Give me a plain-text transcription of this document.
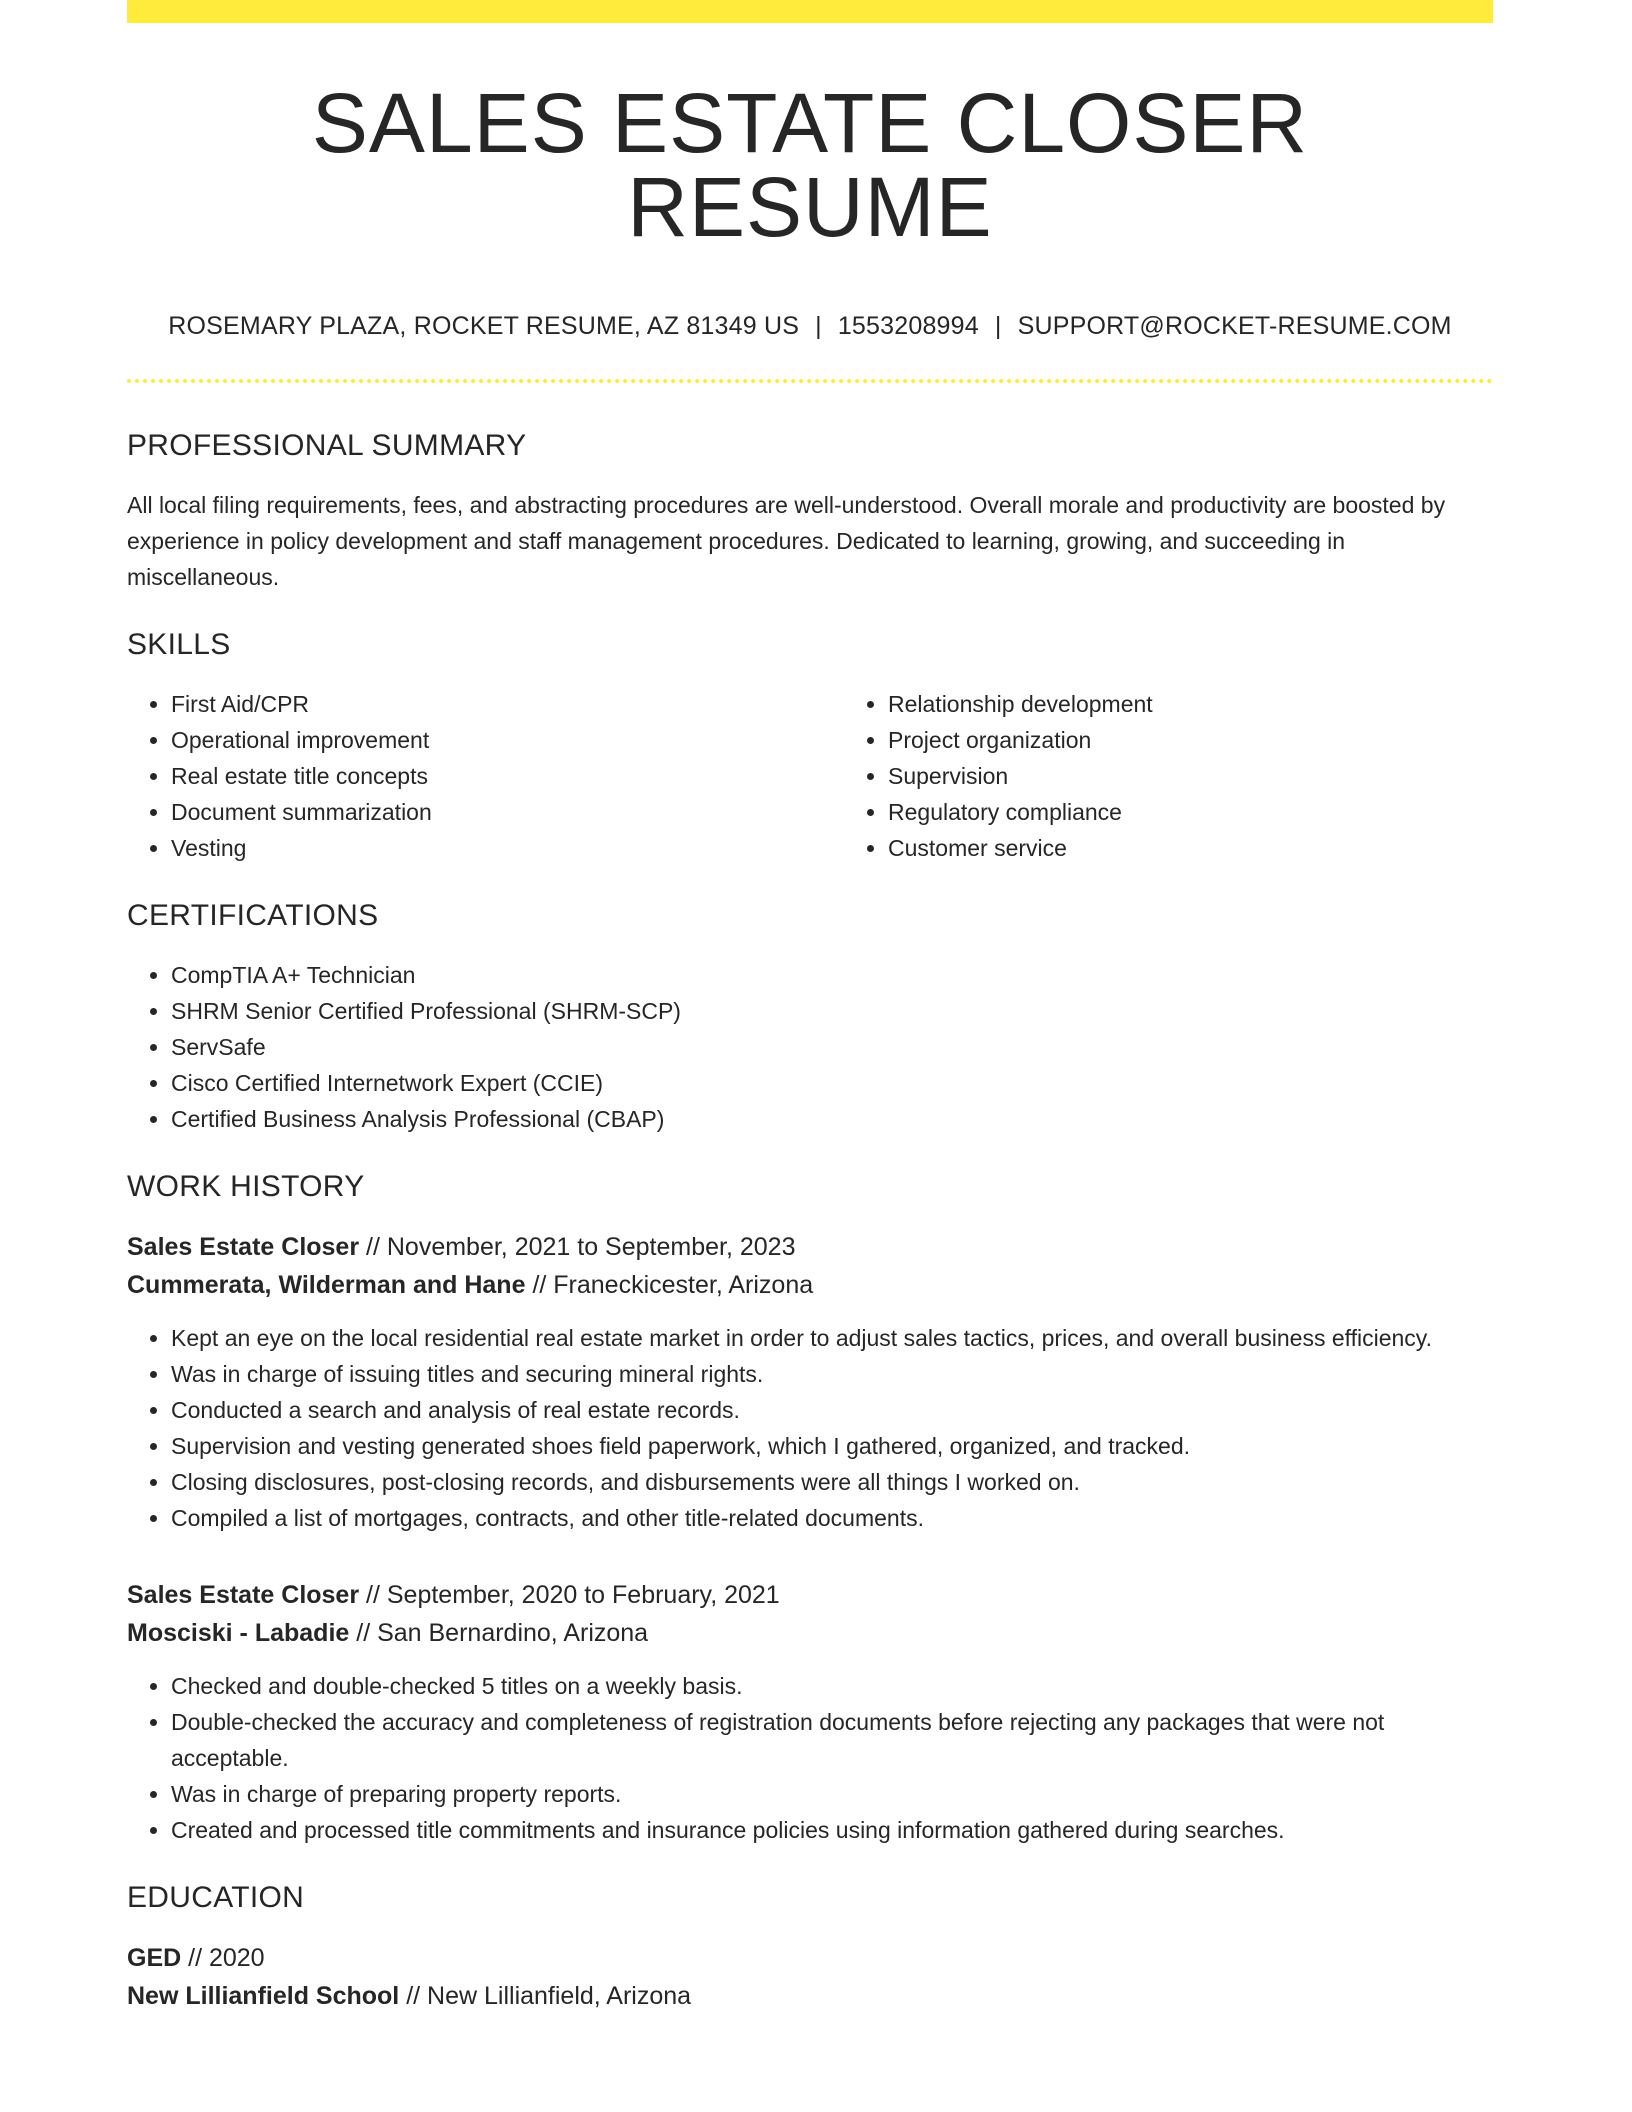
SALES ESTATE CLOSER RESUME
ROSEMARY PLAZA, ROCKET RESUME, AZ 81349 US | 1553208994 | SUPPORT@ROCKET-RESUME.COM
PROFESSIONAL SUMMARY

All local filing requirements, fees, and abstracting procedures are well-understood. Overall morale and productivity are boosted by experience in policy development and staff management procedures. Dedicated to learning, growing, and succeeding in miscellaneous.

SKILLS
• First Aid/CPR
• Operational improvement
• Real estate title concepts
• Document summarization
• Vesting
• Relationship development
• Project organization
• Supervision
• Regulatory compliance
• Customer service
CERTIFICATIONS
• CompTIA A+ Technician
• SHRM Senior Certified Professional (SHRM-SCP)
• ServSafe
• Cisco Certified Internetwork Expert (CCIE)
• Certified Business Analysis Professional (CBAP)
WORK HISTORY
Sales Estate Closer // November, 2021 to September, 2023
Cummerata, Wilderman and Hane // Franeckicester, Arizona
• Kept an eye on the local residential real estate market in order to adjust sales tactics, prices, and overall business efficiency.
• Was in charge of issuing titles and securing mineral rights.
• Conducted a search and analysis of real estate records.
• Supervision and vesting generated shoes field paperwork, which I gathered, organized, and tracked.
• Closing disclosures, post-closing records, and disbursements were all things I worked on.
• Compiled a list of mortgages, contracts, and other title-related documents.
Sales Estate Closer // September, 2020 to February, 2021
Mosciski - Labadie // San Bernardino, Arizona
• Checked and double-checked 5 titles on a weekly basis.
• Double-checked the accuracy and completeness of registration documents before rejecting any packages that were not acceptable.
• Was in charge of preparing property reports.
• Created and processed title commitments and insurance policies using information gathered during searches.
EDUCATION
GED // 2020
New Lillianfield School // New Lillianfield, Arizona
